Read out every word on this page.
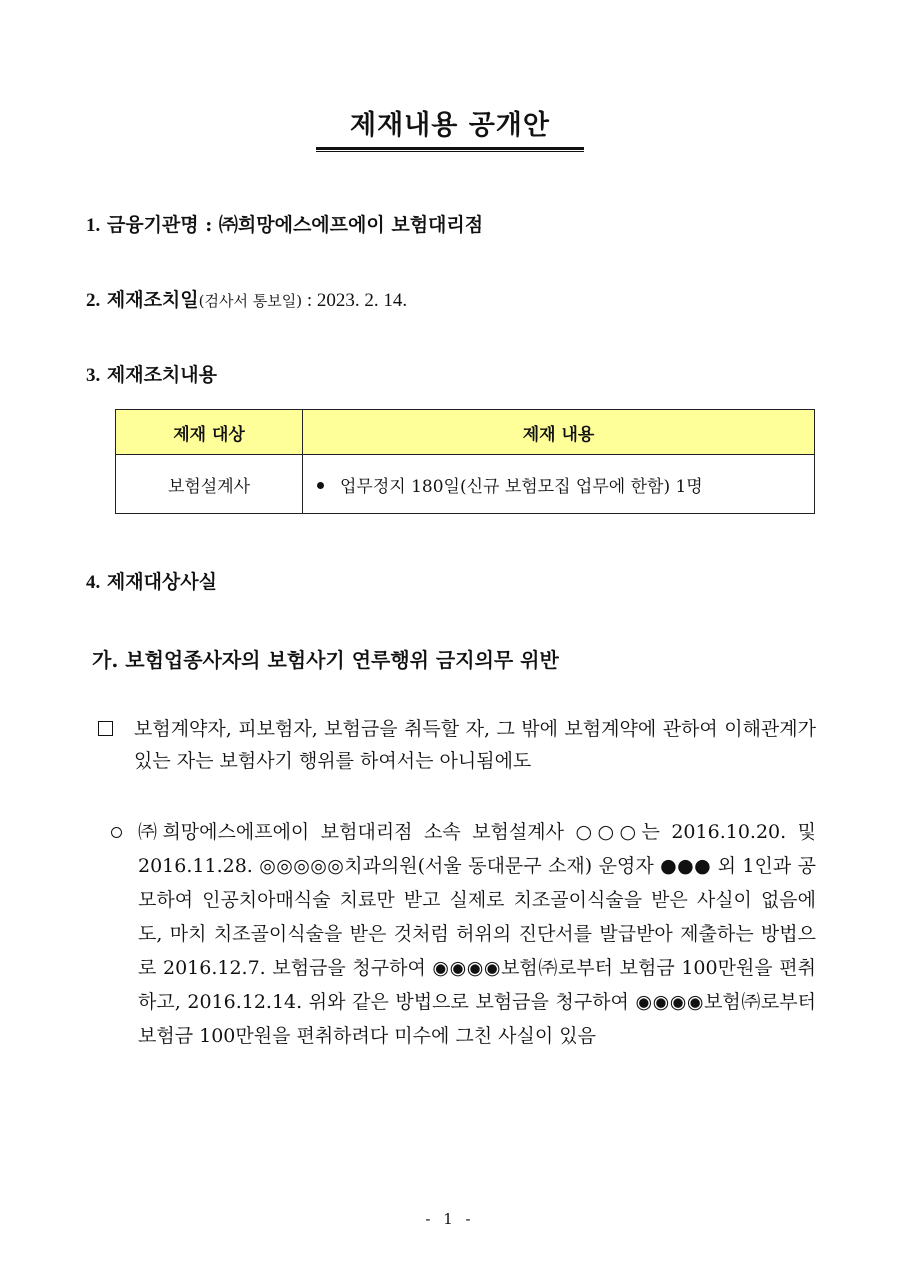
제재내용 공개안
1. 금융기관명 : ㈜희망에스에프에이 보험대리점
2. 제재조치일(검사서 통보일) : 2023. 2. 14.
3. 제재조치내용
제재 대상	제재 내용
보험설계사	업무정지 180일(신규 보험모집 업무에 한함) 1명
4. 제재대상사실
가. 보험업종사자의 보험사기 연루행위 금지의무 위반
보험계약자, 피보험자, 보험금을 취득할 자, 그 밖에 보험계약에 관하여 이해관계가 있는 자는 보험사기 행위를 하여서는 아니됨에도
㈜희망에스에프에이 보험대리점 소속 보험설계사 ○○○는 2016.10.20. 및 2016.11.28. ◎◎◎◎◎치과의원(서울 동대문구 소재) 운영자 ●●● 외 1인과 공모하여 인공치아매식술 치료만 받고 실제로 치조골이식술을 받은 사실이 없음에도, 마치 치조골이식술을 받은 것처럼 허위의 진단서를 발급받아 제출하는 방법으로 2016.12.7. 보험금을 청구하여 ◉◉◉◉보험㈜로부터 보험금 100만원을 편취하고, 2016.12.14. 위와 같은 방법으로 보험금을 청구하여 ◉◉◉◉보험㈜로부터 보험금 100만원을 편취하려다 미수에 그친 사실이 있음
- 1 -
